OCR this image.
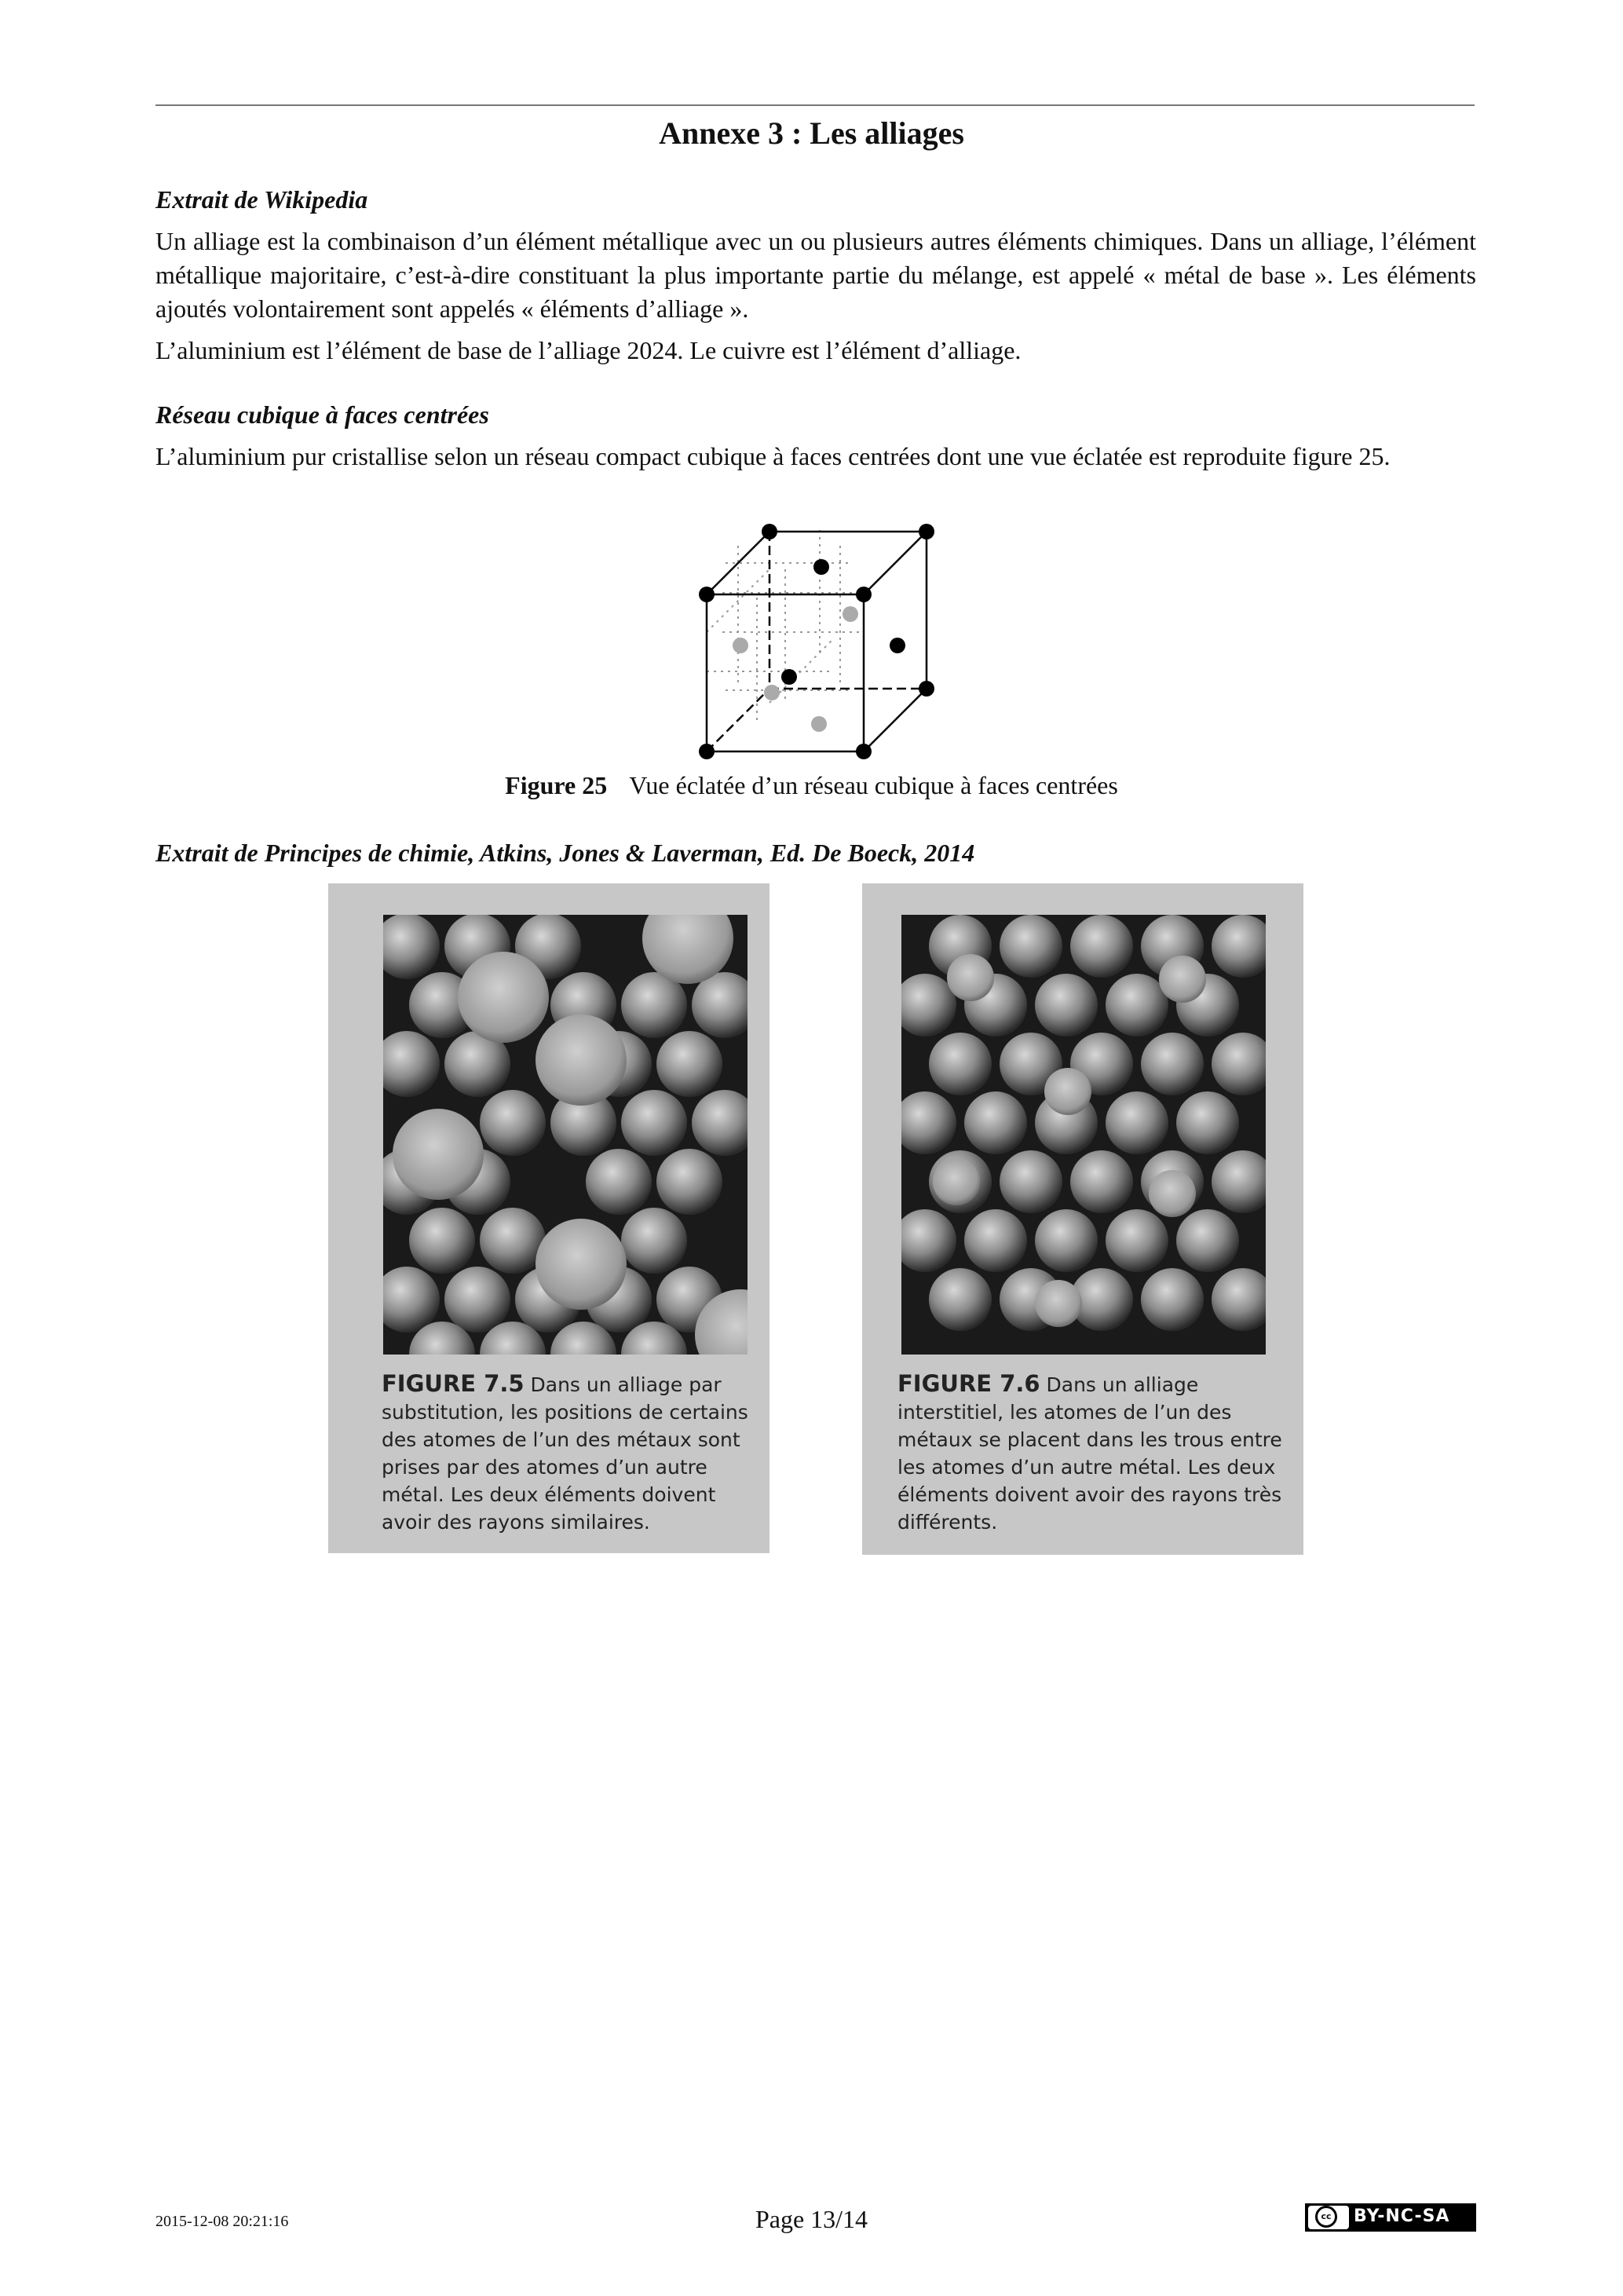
Annexe 3 : Les alliages
Extrait de Wikipedia
Un alliage est la combinaison d’un élément métallique avec un ou plusieurs autres éléments chimiques. Dans un alliage, l’élément métallique majoritaire, c’est-à-dire constituant la plus importante partie du mélange, est appelé « métal de base ». Les éléments ajoutés volontairement sont appelés « éléments d’alliage ».
L’aluminium est l’élément de base de l’alliage 2024. Le cuivre est l’élément d’alliage.
Réseau cubique à faces centrées
L’aluminium pur cristallise selon un réseau compact cubique à faces centrées dont une vue éclatée est reproduite figure 25.
Figure 25 Vue éclatée d’un réseau cubique à faces centrées
Extrait de Principes de chimie, Atkins, Jones & Laverman, Ed. De Boeck, 2014
FIGURE 7.5 Dans un alliage par substitution, les positions de certains des atomes de l’un des métaux sont prises par des atomes d’un autre métal. Les deux éléments doivent avoir des rayons similaires.
FIGURE 7.6 Dans un alliage interstitiel, les atomes de l’un des métaux se placent dans les trous entre les atomes d’un autre métal. Les deux éléments doivent avoir des rayons très différents.
2015-12-08 20:21:16	Page 13/14	cc	BY-NC-SA
